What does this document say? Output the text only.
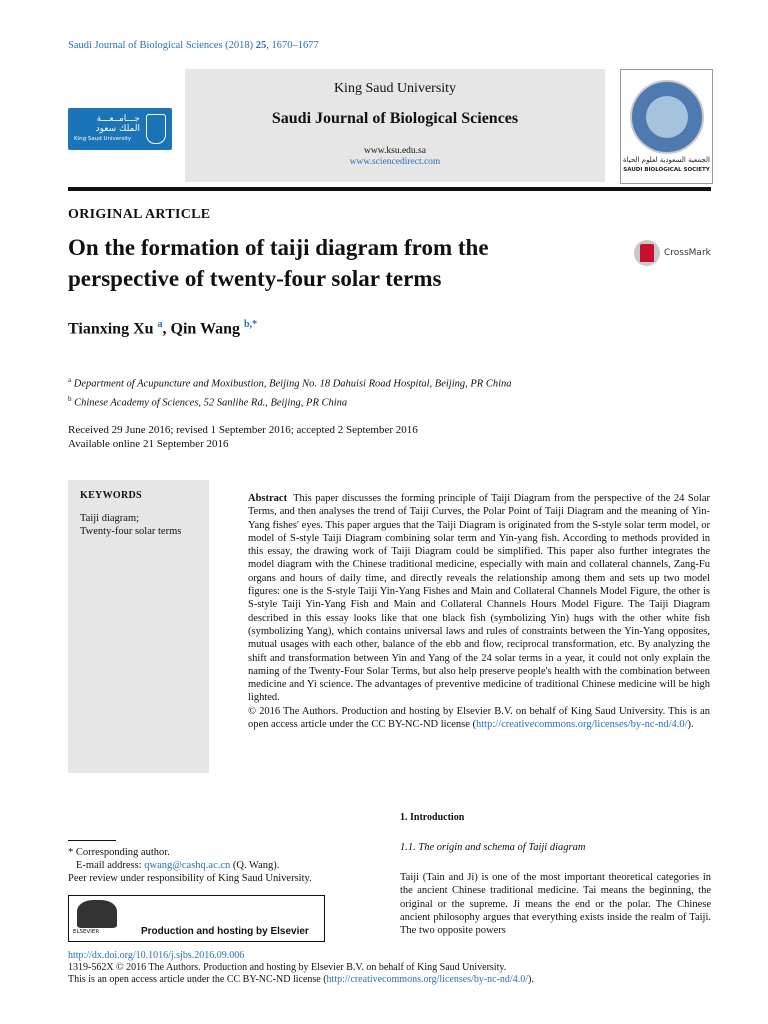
Saudi Journal of Biological Sciences (2018) 25, 1670–1677
جـــامــعـــة
الملك سعود
King Saud University
King Saud University
Saudi Journal of Biological Sciences
www.ksu.edu.sa
www.sciencedirect.com	الجمعية السعودية لعلوم الحياة
SAUDI BIOLOGICAL SOCIETY
ORIGINAL ARTICLE
On the formation of taiji diagram from the
perspective of twenty-four solar terms
CrossMark
Tianxing Xu $^a$, Qin Wang $^{b,*}$
$^a$ Department of Acupuncture and Moxibustion, Beijing No. 18 Dahuisi Road Hospital, Beijing, PR China
$^b$ Chinese Academy of Sciences, 52 Sanlihe Rd., Beijing, PR China
Received 29 June 2016; revised 1 September 2016; accepted 2 September 2016
Available online 21 September 2016
KEYWORDS
Taiji diagram;
Twenty-four solar terms
Abstract This paper discusses the forming principle of Taiji Diagram from the perspective of the 24 Solar Terms, and then analyses the trend of Taiji Curves, the Polar Point of Taiji Diagram and the meaning of Yin-Yang fishes' eyes. This paper argues that the Taiji Diagram is originated from the S-style solar term model, or model of S-style Taiji Diagram combining solar term and Yin-yang fish. According to methods provided in this essay, the drawing work of Taiji Diagram could be simplified. This paper also further integrates the model diagram with the Chinese traditional medicine, especially with main and collateral channels, Zang-Fu organs and hours of daily time, and directly reveals the relationship among them and sets up two model figures: one is the S-style Taiji Yin-Yang Fishes and Main and Collateral Channels Model Figure, the other is S-style Taiji Yin-Yang Fish and Main and Collateral Channels Hours Model Figure. The Taiji Diagram described in this essay looks like that one black fish (symbolizing Yin) hugs with the other white fish (symbolizing Yang), which contains universal laws and rules of constraints between the Yin-Yang opposites, mutual usages with each other, balance of the ebb and flow, reciprocal transformation, etc. By analyzing the shift and transformation between Yin and Yang of the 24 solar terms in a year, it could not only explain the naming of the Twenty-Four Solar Terms, but also help preserve people's health with the combination between medicine and Yi science. The advantages of preventive medicine of traditional Chinese medicine will be high lighted.
© 2016 The Authors. Production and hosting by Elsevier B.V. on behalf of King Saud University. This is an open access article under the CC BY-NC-ND license (http://creativecommons.org/licenses/by-nc-nd/4.0/).
1. Introduction
1.1. The origin and schema of Taiji diagram
Taiji (Tain and Ji) is one of the most important theoretical categories in the ancient Chinese traditional medicine. Tai means the beginning, the original or the supreme. Ji means the end or the polar. The Chinese ancient philosophy argues that everything exists inside the realm of Taiji. The two opposite powers
* Corresponding author.
E-mail address: qwang@cashq.ac.cn (Q. Wang).
Peer review under responsibility of King Saud University.
ELSEVIER	Production and hosting by Elsevier
http://dx.doi.org/10.1016/j.sjbs.2016.09.006
1319-562X © 2016 The Authors. Production and hosting by Elsevier B.V. on behalf of King Saud University.
This is an open access article under the CC BY-NC-ND license (http://creativecommons.org/licenses/by-nc-nd/4.0/).
